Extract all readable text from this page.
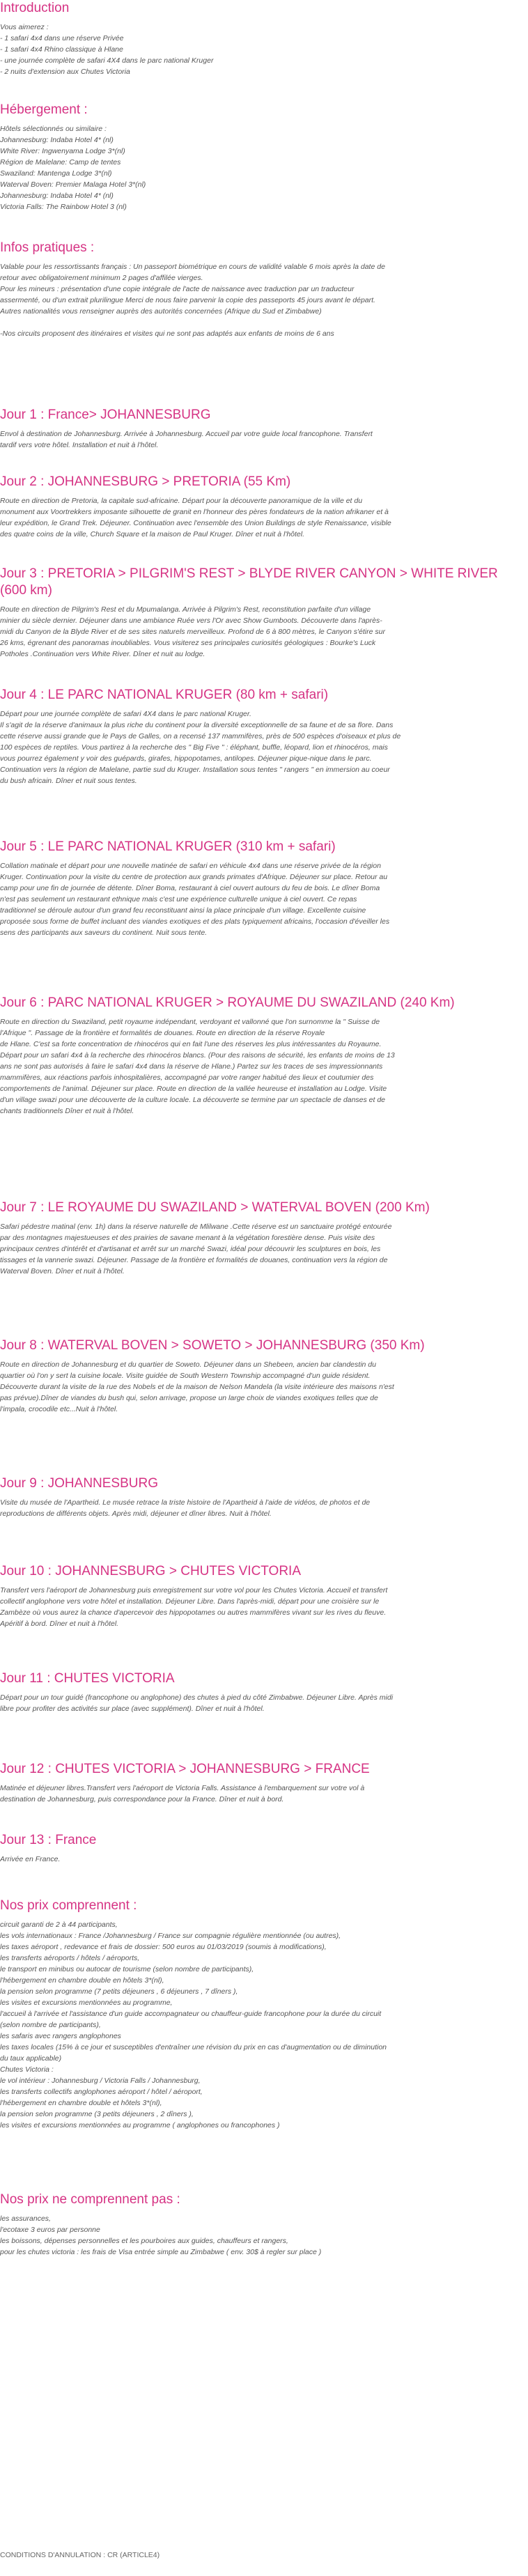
Introduction

Vous aimerez :

- 1 safari 4x4 dans une réserve Privée

- 1 safari 4x4 Rhino classique à Hlane

- une journée complète de safari 4X4 dans le parc national Kruger

- 2 nuits d'extension aux Chutes Victoria

Hébergement :

Hôtels sélectionnés ou similaire :

Johannesburg: Indaba Hotel 4* (nl)

White River: Ingwenyama Lodge 3*(nl)

Région de Malelane: Camp de tentes

Swaziland: Mantenga Lodge 3*(nl)

Waterval Boven: Premier Malaga Hotel 3*(nl)

Johannesburg: Indaba Hotel 4* (nl)

Victoria Falls: The Rainbow Hotel 3 (nl)

Infos pratiques :

Valable pour les ressortissants français : Un passeport biométrique en cours de validité valable 6 mois après la date de

retour avec obligatoirement minimum 2 pages d'affilée vierges.

Pour les mineurs : présentation d'une copie intégrale de l'acte de naissance avec traduction par un traducteur

assermenté, ou d'un extrait plurilingue Merci de nous faire parvenir la copie des passeports 45 jours avant le départ.

Autres nationalités vous renseigner auprès des autorités concernées (Afrique du Sud et Zimbabwe)

-Nos circuits proposent des itinéraires et visites qui ne sont pas adaptés aux enfants de moins de 6 ans

Jour 1 : France> JOHANNESBURG

Envol à destination de Johannesburg. Arrivée à Johannesburg. Accueil par votre guide local francophone. Transfert

tardif vers votre hôtel. Installation et nuit à l'hôtel.

Jour 2 : JOHANNESBURG > PRETORIA (55 Km)

Route en direction de Pretoria, la capitale sud-africaine. Départ pour la découverte panoramique de la ville et du

monument aux Voortrekkers imposante silhouette de granit en l'honneur des pères fondateurs de la nation afrikaner et à

leur expédition, le Grand Trek. Déjeuner. Continuation avec l'ensemble des Union Buildings de style Renaissance, visible

des quatre coins de la ville, Church Square et la maison de Paul Kruger. Dîner et nuit à l'hôtel.

Jour 3 : PRETORIA > PILGRIM'S REST > BLYDE RIVER CANYON > WHITE RIVER (600 km)

Route en direction de Pilgrim's Rest et du Mpumalanga. Arrivée à Pilgrim's Rest, reconstitution parfaite d'un village

minier du siècle dernier. Déjeuner dans une ambiance Ruée vers l'Or avec Show Gumboots. Découverte dans l'après-

midi du Canyon de la Blyde River et de ses sites naturels merveilleux. Profond de 6 à 800 mètres, le Canyon s'étire sur

26 kms, égrenant des panoramas inoubliables. Vous visiterez ses principales curiosités géologiques : Bourke's Luck

Potholes .Continuation vers White River. Dîner et nuit au lodge.

Jour 4 : LE PARC NATIONAL KRUGER (80 km + safari)

Départ pour une journée complète de safari 4X4 dans le parc national Kruger.

Il s'agit de la réserve d'animaux la plus riche du continent pour la diversité exceptionnelle de sa faune et de sa flore. Dans

cette réserve aussi grande que le Pays de Galles, on a recensé 137 mammifères, près de 500 espèces d'oiseaux et plus de

100 espèces de reptiles. Vous partirez à la recherche des " Big Five " : éléphant, buffle, léopard, lion et rhinocéros, mais

vous pourrez également y voir des guépards, girafes, hippopotames, antilopes. Déjeuner pique-nique dans le parc.

Continuation vers la région de Malelane, partie sud du Kruger. Installation sous tentes " rangers " en immersion au coeur

du bush africain. Dîner et nuit sous tentes.

Jour 5 : LE PARC NATIONAL KRUGER (310 km + safari)

Collation matinale et départ pour une nouvelle matinée de safari en véhicule 4x4 dans une réserve privée de la région

Kruger. Continuation pour la visite du centre de protection aux grands primates d'Afrique. Déjeuner sur place. Retour au

camp pour une fin de journée de détente. Dîner Boma, restaurant à ciel ouvert autours du feu de bois. Le dîner Boma

n'est pas seulement un restaurant ethnique mais c'est une expérience culturelle unique à ciel ouvert. Ce repas

traditionnel se déroule autour d'un grand feu reconstituant ainsi la place principale d'un village. Excellente cuisine

proposée sous forme de buffet incluant des viandes exotiques et des plats typiquement africains, l'occasion d'éveiller les

sens des participants aux saveurs du continent. Nuit sous tente.

Jour 6 : PARC NATIONAL KRUGER > ROYAUME DU SWAZILAND (240 Km)

Route en direction du Swaziland, petit royaume indépendant, verdoyant et vallonné que l'on surnomme la " Suisse de

l'Afrique ". Passage de la frontière et formalités de douanes. Route en direction de la réserve Royale

de Hlane. C'est sa forte concentration de rhinocéros qui en fait l'une des réserves les plus intéressantes du Royaume.

Départ pour un safari 4x4 à la recherche des rhinocéros blancs. (Pour des raisons de sécurité, les enfants de moins de 13

ans ne sont pas autorisés à faire le safari 4x4 dans la réserve de Hlane.) Partez sur les traces de ses impressionnants

mammifères, aux réactions parfois inhospitalières, accompagné par votre ranger habitué des lieux et coutumier des

comportements de l'animal. Déjeuner sur place. Route en direction de la vallée heureuse et installation au Lodge. Visite

d'un village swazi pour une découverte de la culture locale. La découverte se termine par un spectacle de danses et de

chants traditionnels Dîner et nuit à l'hôtel.

Jour 7 : LE ROYAUME DU SWAZILAND > WATERVAL BOVEN (200 Km)

Safari pédestre matinal (env. 1h) dans la réserve naturelle de Mlilwane .Cette réserve est un sanctuaire protégé entourée

par des montagnes majestueuses et des prairies de savane menant à la végétation forestière dense. Puis visite des

principaux centres d'intérêt et d'artisanat et arrêt sur un marché Swazi, idéal pour découvrir les sculptures en bois, les

tissages et la vannerie swazi. Déjeuner. Passage de la frontière et formalités de douanes, continuation vers la région de

Waterval Boven. Dîner et nuit à l'hôtel.

Jour 8 : WATERVAL BOVEN > SOWETO > JOHANNESBURG (350 Km)

Route en direction de Johannesburg et du quartier de Soweto. Déjeuner dans un Shebeen, ancien bar clandestin du

quartier où l'on y sert la cuisine locale. Visite guidée de South Western Township accompagné d'un guide résident.

Découverte durant la visite de la rue des Nobels et de la maison de Nelson Mandela (la visite intérieure des maisons n'est

pas prévue).Dîner de viandes du bush qui, selon arrivage, propose un large choix de viandes exotiques telles que de

l'impala, crocodile etc...Nuit à l'hôtel.

Jour 9 : JOHANNESBURG

Visite du musée de l'Apartheid. Le musée retrace la triste histoire de l'Apartheid à l'aide de vidéos, de photos et de

reproductions de différents objets. Après midi, déjeuner et dîner libres. Nuit à l'hôtel.

Jour 10 : JOHANNESBURG > CHUTES VICTORIA

Transfert vers l'aéroport de Johannesburg puis enregistrement sur votre vol pour les Chutes Victoria. Accueil et transfert

collectif anglophone vers votre hôtel et installation. Déjeuner Libre. Dans l'après-midi, départ pour une croisière sur le

Zambèze où vous aurez la chance d'apercevoir des hippopotames ou autres mammifères vivant sur les rives du fleuve.

Apéritif à bord. Dîner et nuit à l'hôtel.

Jour 11 : CHUTES VICTORIA

Départ pour un tour guidé (francophone ou anglophone) des chutes à pied du côté Zimbabwe. Déjeuner Libre. Après midi

libre pour profiter des activités sur place (avec supplément). Dîner et nuit à l'hôtel.

Jour 12 : CHUTES VICTORIA > JOHANNESBURG > FRANCE

Matinée et déjeuner libres.Transfert vers l'aéroport de Victoria Falls. Assistance à l'embarquement sur votre vol à

destination de Johannesburg, puis correspondance pour la France. Dîner et nuit à bord.

Jour 13 : France

Arrivée en France.

Nos prix comprennent :

circuit garanti de 2 à 44 participants,

les vols internationaux : France /Johannesburg / France sur compagnie régulière mentionnée (ou autres),

les taxes aéroport , redevance et frais de dossier: 500 euros au 01/03/2019 (soumis à modifications),

les transferts aéroports / hôtels / aéroports,

le transport en minibus ou autocar de tourisme (selon nombre de participants),

l'hébergement en chambre double en hôtels 3*(nl),

la pension selon programme (7 petits déjeuners , 6 déjeuners , 7 dîners ),

les visites et excursions mentionnées au programme,

l'accueil à l'arrivée et l'assistance d'un guide accompagnateur ou chauffeur-guide francophone pour la durée du circuit

(selon nombre de participants),

les safaris avec rangers anglophones

les taxes locales (15% à ce jour et susceptibles d'entraîner une révision du prix en cas d'augmentation ou de diminution

du taux applicable)

Chutes Victoria :

le vol intérieur : Johannesburg / Victoria Falls / Johannesburg,

les transferts collectifs anglophones aéroport / hôtel / aéroport,

l'hébergement en chambre double et hôtels 3*(nl),

la pension selon programme (3 petits déjeuners , 2 dîners ),

les visites et excursions mentionnées au programme ( anglophones ou francophones )

Nos prix ne comprennent pas :

les assurances,

l'ecotaxe 3 euros par personne

les boissons, dépenses personnelles et les pourboires aux guides, chauffeurs et rangers,

pour les chutes victoria : les frais de Visa entrée simple au Zimbabwe ( env. 30$ à regler sur place )

CONDITIONS D'ANNULATION : CR (ARTICLE4)
